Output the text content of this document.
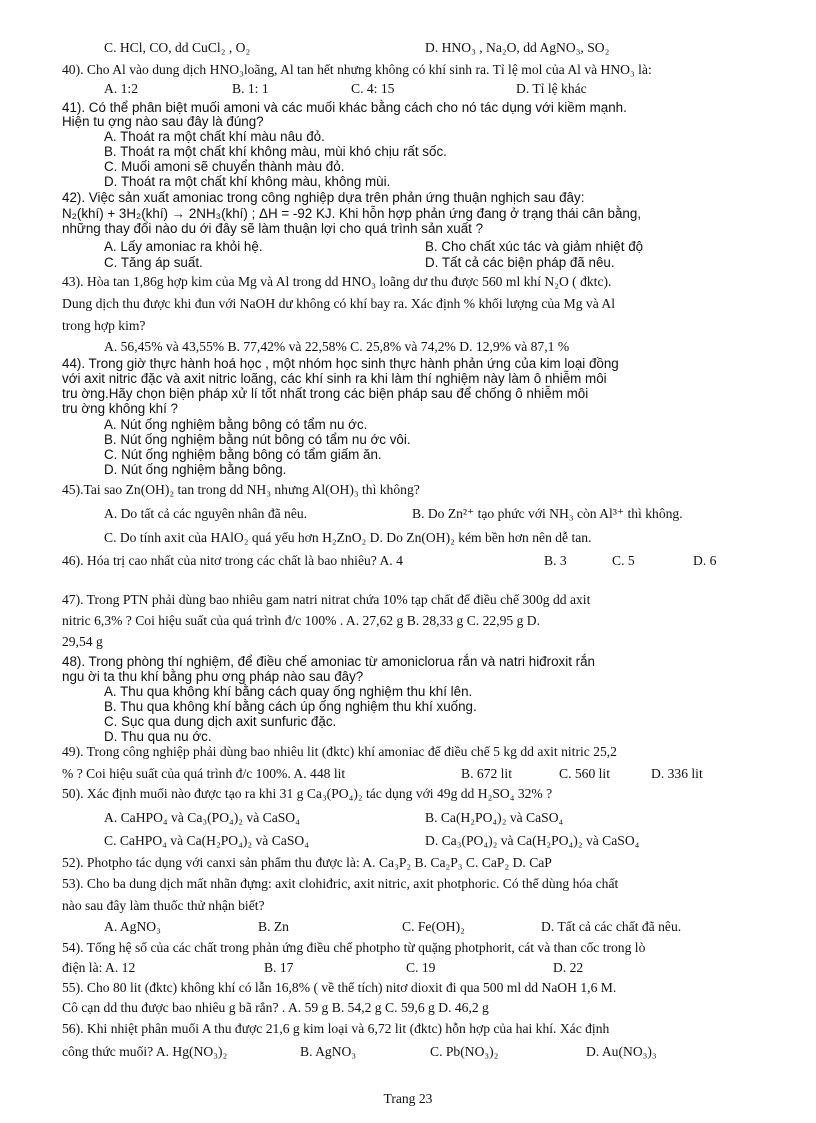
C. HCl, CO, dd CuCl₂ , O₂	D. HNO₃ , Na₂O, dd AgNO₃, SO₂
40). Cho Al vào dung dịch HNO₃loãng, Al tan hết nhưng không có khí sinh ra. Tỉ lệ mol của Al và HNO₃ là:
A. 1:2	B. 1: 1	C. 4: 15	D. Tỉ lệ khác
41). Có thể phân biệt muối amoni và các muối khác bằng cách cho nó tác dụng với kiềm mạnh.
Hiện tu ợng nào sau đây là đúng?
A. Thoát ra một chất khí màu nâu đỏ.
B. Thoát ra một chất khí không màu, mùi khó chịu rất sốc.
C. Muối amoni sẽ chuyển thành màu đỏ.
D. Thoát ra một chất khí không màu, không mùi.
42). Việc sản xuất amoniac trong công nghiệp dựa trên phản ứng thuận nghịch sau đây:
N₂(khí) + 3H₂(khí) → 2NH₃(khí) ; ΔH = -92 KJ. Khi hỗn hợp phản ứng đang ở trạng thái cân bằng,
những thay đổi nào du ới đây sẽ làm thuận lợi cho quá trình sản xuất ?
A. Lấy amoniac ra khỏi hệ.	B. Cho chất xúc tác và giảm nhiệt độ
C. Tăng áp suất.	D. Tất cả các biện pháp đã nêu.
43). Hòa tan 1,86g hợp kim của Mg và Al trong dd HNO₃ loãng dư thu được 560 ml khí N₂O ( đktc).
Dung dịch thu được khi đun với NaOH dư không có khí bay ra. Xác định % khối lượng của Mg và Al
trong hợp kim?
A. 56,45% và 43,55% B. 77,42% và 22,58% C. 25,8% và 74,2% D. 12,9% và 87,1 %
44). Trong giờ thực hành hoá học , một nhóm học sinh thực hành phản ứng của kim loại đồng
với axit nitric đặc và axit nitric loãng, các khí sinh ra khi làm thí nghiệm này làm ô nhiễm môi
tru ờng.Hãy chọn biện pháp xử lí tốt nhất trong các biện pháp sau để chống ô nhiễm môi
tru ờng không khí ?
A. Nút ống nghiệm bằng bông có tẩm nu ớc.
B. Nút ống nghiệm bằng nút bông có tẩm nu ớc vôi.
C. Nút ống nghiệm bằng bông có tẩm giấm ăn.
D. Nút ống nghiệm bằng bông.
45).Tai sao Zn(OH)₂ tan trong dd NH₃ nhưng Al(OH)₃ thì không?
A. Do tất cả các nguyên nhân đã nêu.	B. Do Zn²⁺ tạo phức với NH₃ còn Al³⁺ thì không.
C. Do tính axit của HAlO₂ quá yếu hơn H₂ZnO₂ D. Do Zn(OH)₂ kém bền hơn nên dễ tan.
46). Hóa trị cao nhất của nitơ trong các chất là bao nhiêu? A. 4	B. 3	C. 5	D. 6
47). Trong PTN phải dùng bao nhiêu gam natri nitrat chứa 10% tạp chất để điều chế 300g dd axit
nitric 6,3% ? Coi hiệu suất của quá trình đ/c 100% . A. 27,62 g B. 28,33 g C. 22,95 g D.
29,54 g
48). Trong phòng thí nghiệm, để điều chế amoniac từ amoniclorua rắn và natri hiđroxit rắn
ngu ời ta thu khí bằng phu ơng pháp nào sau đây?
A. Thu qua không khí bằng cách quay ống nghiệm thu khí lên.
B. Thu qua không khí bằng cách úp ống nghiệm thu khí xuống.
C. Sục qua dung dịch axit sunfuric đặc.
D. Thu qua nu ớc.
49). Trong công nghiệp phải dùng bao nhiêu lit (đktc) khí amoniac để điều chế 5 kg dd axit nitric 25,2
% ? Coi hiệu suất của quá trình đ/c 100%. A. 448 lit	B. 672 lit	C. 560 lit	D. 336 lit
50). Xác định muối nào được tạo ra khi 31 g Ca₃(PO₄)₂ tác dụng với 49g dd H₂SO₄ 32% ?
A. CaHPO₄ và Ca₃(PO₄)₂ và CaSO₄	B. Ca(H₂PO₄)₂ và CaSO₄
C. CaHPO₄ và Ca(H₂PO₄)₂ và CaSO₄	D. Ca₃(PO₄)₂ và Ca(H₂PO₄)₂ và CaSO₄
52). Photpho tác dụng với canxi sản phẩm thu được là: A. Ca₃P₂ B. Ca₂P₃ C. CaP₂ D. CaP
53). Cho ba dung dịch mất nhãn đựng: axit clohiđric, axit nitric, axit photphoric. Có thể dùng hóa chất
nào sau đây làm thuốc thử nhận biết?
A. AgNO₃	B. Zn	C. Fe(OH)₂	D. Tất cả các chất đã nêu.
54). Tổng hệ số của các chất trong phản ứng điều chế photpho từ quặng photphorit, cát và than cốc trong lò
điện là: A. 12	B. 17	C. 19	D. 22
55). Cho 80 lit (đktc) không khí có lẫn 16,8% ( về thể tích) nitơ dioxit đi qua 500 ml dd NaOH 1,6 M.
Cô cạn dd thu được bao nhiêu g bã rắn? . A. 59 g B. 54,2 g C. 59,6 g D. 46,2 g
56). Khi nhiệt phân muối A thu được 21,6 g kim loại và 6,72 lit (đktc) hỗn hợp của hai khí. Xác định
công thức muối? A. Hg(NO₃)₂	B. AgNO₃	C. Pb(NO₃)₂	D. Au(NO₃)₃
Trang 23
